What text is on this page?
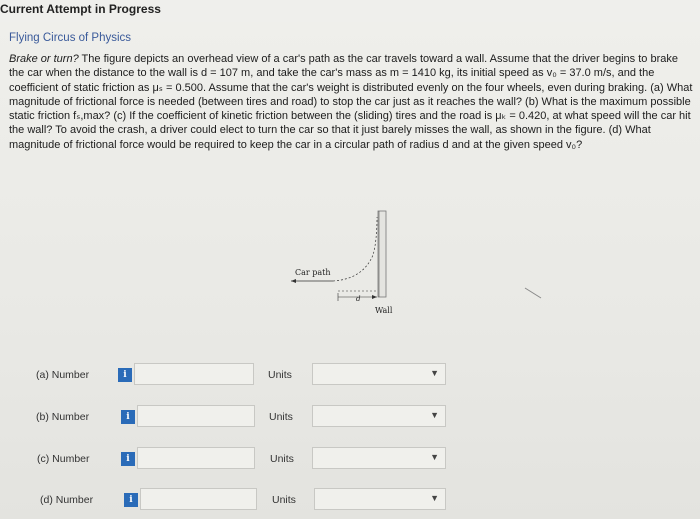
Current Attempt in Progress
Flying Circus of Physics
Brake or turn? The figure depicts an overhead view of a car's path as the car travels toward a wall. Assume that the driver begins to brake the car when the distance to the wall is d = 107 m, and take the car's mass as m = 1410 kg, its initial speed as v₀ = 37.0 m/s, and the coefficient of static friction as μₛ = 0.500. Assume that the car's weight is distributed evenly on the four wheels, even during braking. (a) What magnitude of frictional force is needed (between tires and road) to stop the car just as it reaches the wall? (b) What is the maximum possible static friction fₛ,max? (c) If the coefficient of kinetic friction between the (sliding) tires and the road is μₖ = 0.420, at what speed will the car hit the wall? To avoid the crash, a driver could elect to turn the car so that it just barely misses the wall, as shown in the figure. (d) What magnitude of frictional force would be required to keep the car in a circular path of radius d and at the given speed v₀?
Car path
d
Wall
(a) Number	i	Units	▼
(b) Number	i	Units	▼
(c) Number	i	Units	▼
(d) Number	i	Units	▼
